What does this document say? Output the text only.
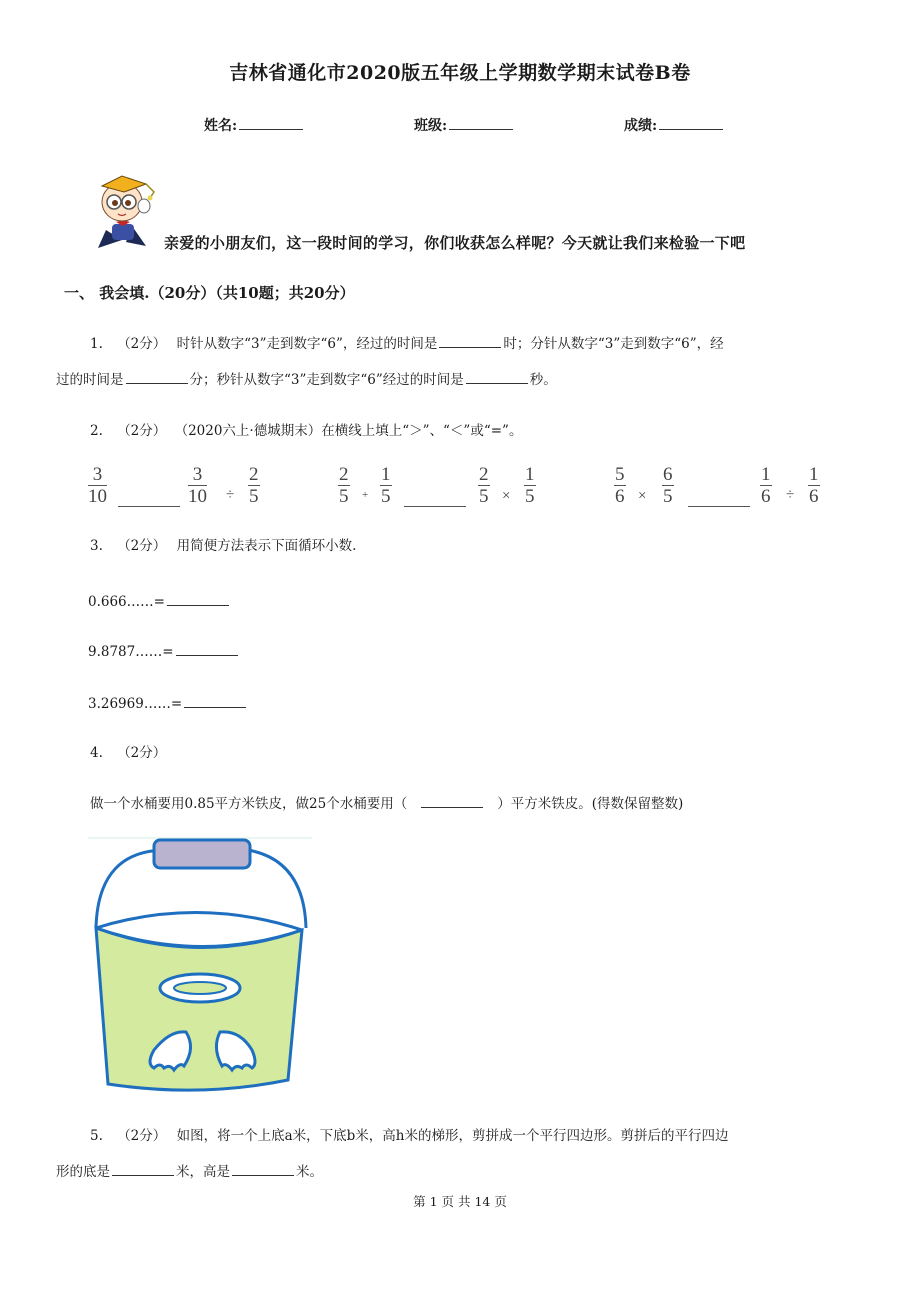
吉林省通化市2020版五年级上学期数学期末试卷B卷
姓名:	班级:	成绩:
亲爱的小朋友们，这一段时间的学习，你们收获怎么样呢？今天就让我们来检验一下吧
一、 我会填.（20分）（共10题；共20分）
1. （2分） 时针从数字“3”走到数字“6”，经过的时间是	时；分针从数字“3”走到数字“6”，经
过的时间是	分；秒针从数字“3”走到数字“6”经过的时间是	秒。
2. （2分） （2020六上·德城期末）在横线上填上“＞”、“＜”或“=”。
3
10
3
10 ÷
2
5
2
5 +
1
5
2
5 ×
1
5
5
6 ×
6
5
1
6 ÷
1
6
3. （2分） 用简便方法表示下面循环小数.
0.666……=
9.8787……=
3.26969……=
4. （2分）
做一个水桶要用0.85平方米铁皮，做25个水桶要用（	）平方米铁皮。(得数保留整数)
5. （2分） 如图，将一个上底a米，下底b米，高h米的梯形，剪拼成一个平行四边形。剪拼后的平行四边
形的底是	米，高是	米。
第 1 页 共 14 页
